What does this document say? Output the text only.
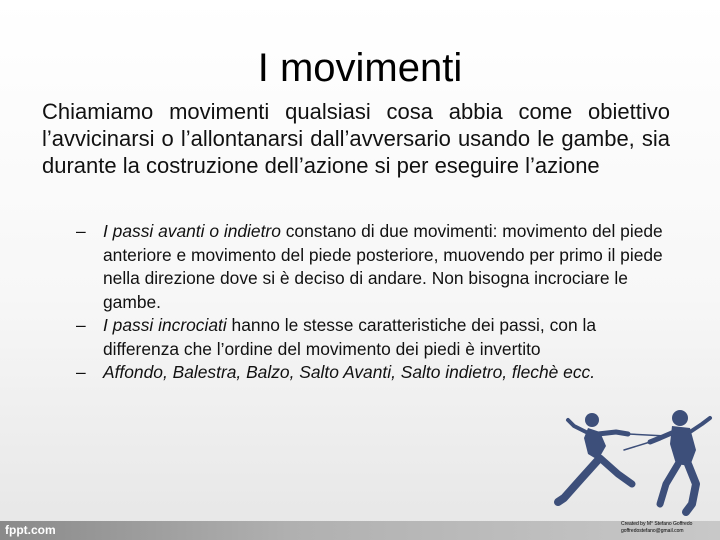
I movimenti
Chiamiamo movimenti qualsiasi cosa abbia come obiettivo l’avvicinarsi o l’allontanarsi dall’avversario usando le gambe, sia durante la costruzione dell’azione si per eseguire l’azione
– I passi avanti o indietro constano di due movimenti: movimento del piede anteriore e movimento del piede posteriore, muovendo per primo il piede nella direzione dove si è deciso di andare. Non bisogna incrociare le gambe.
– I passi incrociati hanno le stesse caratteristiche dei passi, con la differenza che l’ordine del movimento dei piedi è invertito
– Affondo, Balestra, Balzo, Salto Avanti, Salto indietro, flechè ecc.
fppt.com	Created by M° Stefano Goffredo
goffredostefano@gmail.com
